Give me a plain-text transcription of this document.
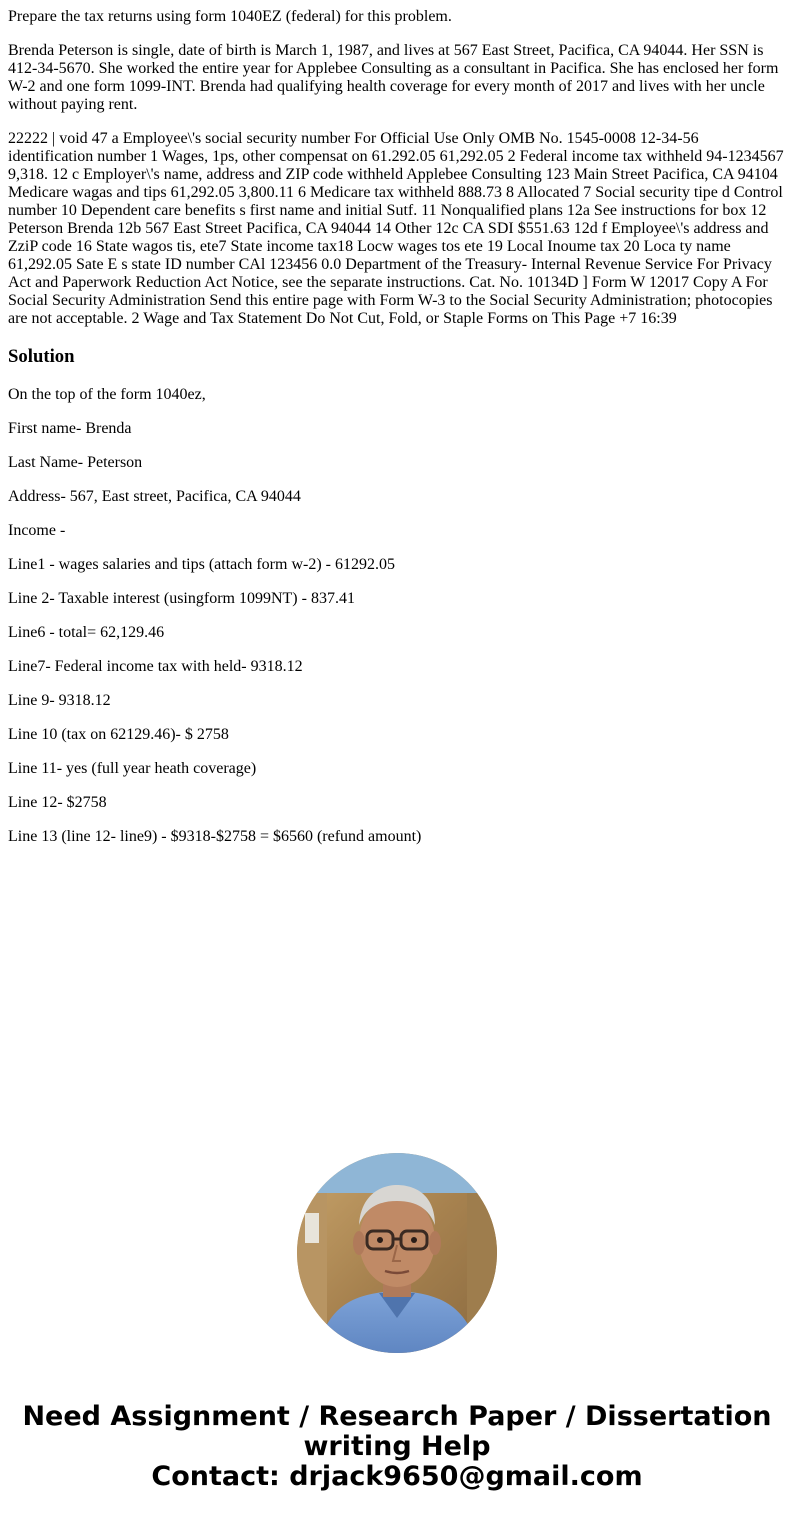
Prepare the tax returns using form 1040EZ (federal) for this problem.

Brenda Peterson is single, date of birth is March 1, 1987, and lives at 567 East Street, Pacifica, CA 94044. Her SSN is 412-34-5670. She worked the entire year for Applebee Consulting as a consultant in Pacifica. She has enclosed her form W-2 and one form 1099-INT. Brenda had qualifying health coverage for every month of 2017 and lives with her uncle without paying rent.

22222 | void 47 a Employee\'s social security number For Official Use Only OMB No. 1545-0008 12-34-56 identification number 1 Wages, 1ps, other compensat on 61.292.05 61,292.05 2 Federal income tax withheld 94-1234567 9,318. 12 c Employer\'s name, address and ZIP code withheld Applebee Consulting 123 Main Street Pacifica, CA 94104 Medicare wagas and tips 61,292.05 3,800.11 6 Medicare tax withheld 888.73 8 Allocated 7 Social security tipe d Control number 10 Dependent care benefits s first name and initial Sutf. 11 Nonqualified plans 12a See instructions for box 12 Peterson Brenda 12b 567 East Street Pacifica, CA 94044 14 Other 12c CA SDI $551.63 12d f Employee\'s address and ZziP code 16 State wagos tis, ete7 State income tax18 Locw wages tos ete 19 Local Inoume tax 20 Loca ty name 61,292.05 Sate E s state ID number CAl 123456 0.0 Department of the Treasury- Internal Revenue Service For Privacy Act and Paperwork Reduction Act Notice, see the separate instructions. Cat. No. 10134D ] Form W 12017 Copy A For Social Security Administration Send this entire page with Form W-3 to the Social Security Administration; photocopies are not acceptable. 2 Wage and Tax Statement Do Not Cut, Fold, or Staple Forms on This Page +7 16:39

Solution

On the top of the form 1040ez,

First name- Brenda

Last Name- Peterson

Address- 567, East street, Pacifica, CA 94044

Income -

Line1 - wages salaries and tips (attach form w-2) - 61292.05

Line 2- Taxable interest (usingform 1099NT) - 837.41

Line6 - total= 62,129.46

Line7- Federal income tax with held- 9318.12

Line 9- 9318.12

Line 10 (tax on 62129.46)- $ 2758

Line 11- yes (full year heath coverage)

Line 12- $2758

Line 13 (line 12- line9) - $9318-$2758 = $6560 (refund amount)

Need Assignment / Research Paper / Dissertation
writing Help
Contact: drjack9650@gmail.com
